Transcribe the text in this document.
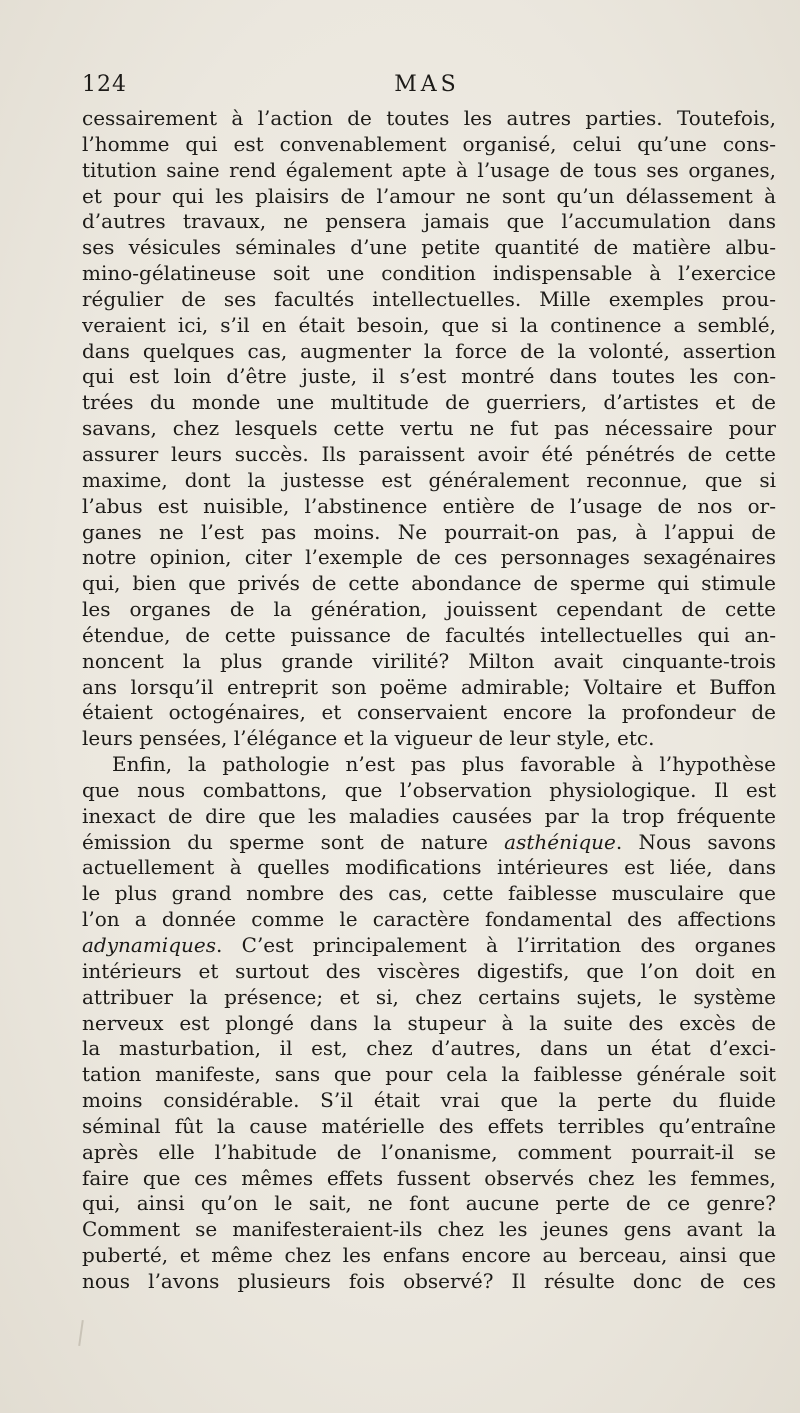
124	MAS
cessairement à l’action de toutes les autres parties. Toutefois,
l’homme qui est convenablement organisé, celui qu’une cons-
titution saine rend également apte à l’usage de tous ses organes,
et pour qui les plaisirs de l’amour ne sont qu’un délassement à
d’autres travaux, ne pensera jamais que l’accumulation dans
ses vésicules séminales d’une petite quantité de matière albu-
mino-gélatineuse soit une condition indispensable à l’exercice
régulier de ses facultés intellectuelles. Mille exemples prou-
veraient ici, s’il en était besoin, que si la continence a semblé,
dans quelques cas, augmenter la force de la volonté, assertion
qui est loin d’être juste, il s’est montré dans toutes les con-
trées du monde une multitude de guerriers, d’artistes et de
savans, chez lesquels cette vertu ne fut pas nécessaire pour
assurer leurs succès. Ils paraissent avoir été pénétrés de cette
maxime, dont la justesse est généralement reconnue, que si
l’abus est nuisible, l’abstinence entière de l’usage de nos or-
ganes ne l’est pas moins. Ne pourrait-on pas, à l’appui de
notre opinion, citer l’exemple de ces personnages sexagénaires
qui, bien que privés de cette abondance de sperme qui stimule
les organes de la génération, jouissent cependant de cette
étendue, de cette puissance de facultés intellectuelles qui an-
noncent la plus grande virilité? Milton avait cinquante-trois
ans lorsqu’il entreprit son poëme admirable; Voltaire et Buffon
étaient octogénaires, et conservaient encore la profondeur de
leurs pensées, l’élégance et la vigueur de leur style, etc.
Enfin, la pathologie n’est pas plus favorable à l’hypothèse
que nous combattons, que l’observation physiologique. Il est
inexact de dire que les maladies causées par la trop fréquente
émission du sperme sont de nature asthénique. Nous savons
actuellement à quelles modifications intérieures est liée, dans
le plus grand nombre des cas, cette faiblesse musculaire que
l’on a donnée comme le caractère fondamental des affections
adynamiques. C’est principalement à l’irritation des organes
intérieurs et surtout des viscères digestifs, que l’on doit en
attribuer la présence; et si, chez certains sujets, le système
nerveux est plongé dans la stupeur à la suite des excès de
la masturbation, il est, chez d’autres, dans un état d’exci-
tation manifeste, sans que pour cela la faiblesse générale soit
moins considérable. S’il était vrai que la perte du fluide
séminal fût la cause matérielle des effets terribles qu’entraîne
après elle l’habitude de l’onanisme, comment pourrait-il se
faire que ces mêmes effets fussent observés chez les femmes,
qui, ainsi qu’on le sait, ne font aucune perte de ce genre?
Comment se manifesteraient-ils chez les jeunes gens avant la
puberté, et même chez les enfans encore au berceau, ainsi que
nous l’avons plusieurs fois observé? Il résulte donc de ces
